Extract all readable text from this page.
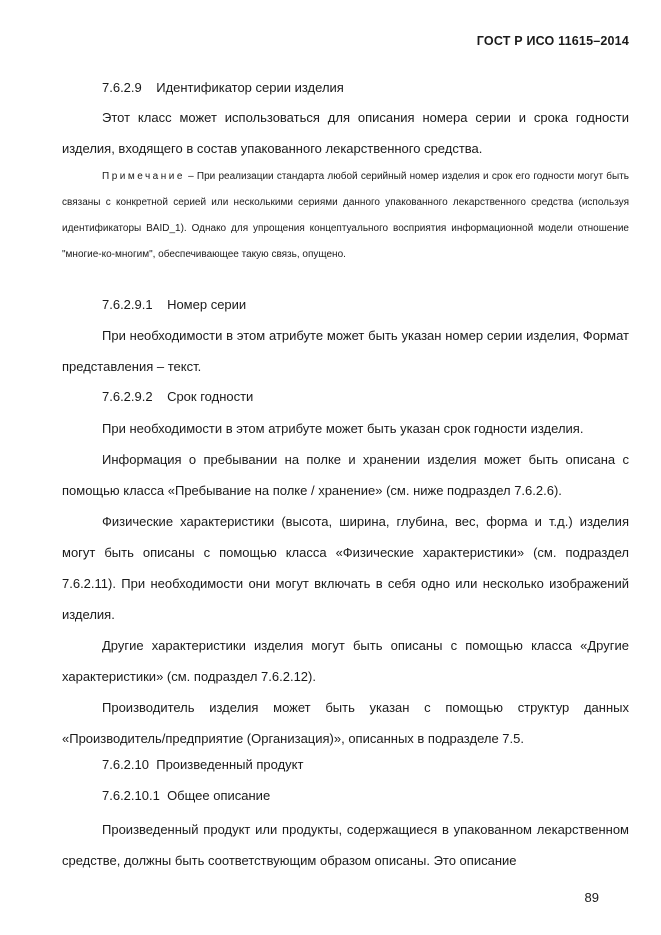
ГОСТ Р ИСО 11615–2014
7.6.2.9 Идентификатор серии изделия

Этот класс может использоваться для описания номера серии и срока годности изделия, входящего в состав упакованного лекарственного средства.

Примечание – При реализации стандарта любой серийный номер изделия и срок его годности могут быть связаны с конкретной серией или несколькими сериями данного упакованного лекарственного средства (используя идентификаторы BAID_1). Однако для упрощения концептуального восприятия информационной модели отношение "многие-ко-многим", обеспечивающее такую связь, опущено.

7.6.2.9.1 Номер серии

При необходимости в этом атрибуте может быть указан номер серии изделия, Формат представления – текст.

7.6.2.9.2 Срок годности

При необходимости в этом атрибуте может быть указан срок годности изделия.

Информация о пребывании на полке и хранении изделия может быть описана с помощью класса «Пребывание на полке / хранение» (см. ниже подраздел 7.6.2.6).

Физические характеристики (высота, ширина, глубина, вес, форма и т.д.) изделия могут быть описаны с помощью класса «Физические характеристики» (см. подраздел 7.6.2.11). При необходимости они могут включать в себя одно или несколько изображений изделия.

Другие характеристики изделия могут быть описаны с помощью класса «Другие характеристики» (см. подраздел 7.6.2.12).

Производитель изделия может быть указан с помощью структур данных «Производитель/предприятие (Организация)», описанных в подразделе 7.5.

7.6.2.10 Произведенный продукт
7.6.2.10.1 Общее описание

Произведенный продукт или продукты, содержащиеся в упакованном лекарственном средстве, должны быть соответствующим образом описаны. Это описание

89
